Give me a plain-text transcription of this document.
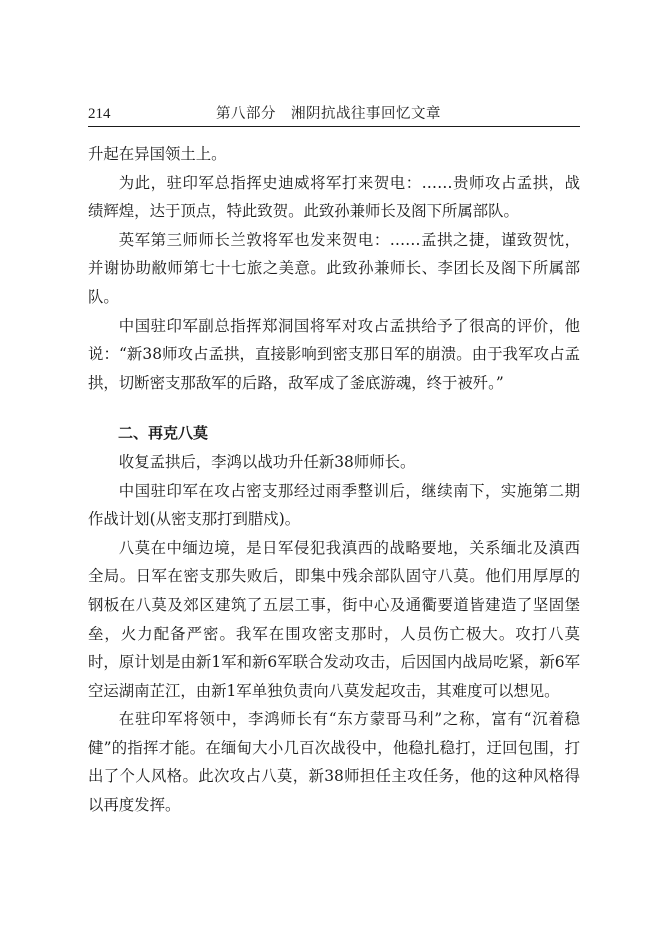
214	第八部分　湘阴抗战往事回忆文章

升起在异国领土上。

为此，驻印军总指挥史迪威将军打来贺电：……贵师攻占孟拱，战绩辉煌，达于顶点，特此致贺。此致孙兼师长及阁下所属部队。

英军第三师师长兰敦将军也发来贺电：……孟拱之捷，谨致贺忱，并谢协助敝师第七十七旅之美意。此致孙兼师长、李团长及阁下所属部队。

中国驻印军副总指挥郑洞国将军对攻占孟拱给予了很高的评价，他说：“新38师攻占孟拱，直接影响到密支那日军的崩溃。由于我军攻占孟拱，切断密支那敌军的后路，敌军成了釜底游魂，终于被歼。”

二、再克八莫

收复孟拱后，李鸿以战功升任新38师师长。

中国驻印军在攻占密支那经过雨季整训后，继续南下，实施第二期作战计划(从密支那打到腊戍)。

八莫在中缅边境，是日军侵犯我滇西的战略要地，关系缅北及滇西全局。日军在密支那失败后，即集中残余部队固守八莫。他们用厚厚的钢板在八莫及郊区建筑了五层工事，街中心及通衢要道皆建造了坚固堡垒，火力配备严密。我军在围攻密支那时，人员伤亡极大。攻打八莫时，原计划是由新1军和新6军联合发动攻击，后因国内战局吃紧，新6军空运湖南芷江，由新1军单独负责向八莫发起攻击，其难度可以想见。

在驻印军将领中，李鸿师长有“东方蒙哥马利”之称，富有“沉着稳健”的指挥才能。在缅甸大小几百次战役中，他稳扎稳打，迂回包围，打出了个人风格。此次攻占八莫，新38师担任主攻任务，他的这种风格得以再度发挥。
